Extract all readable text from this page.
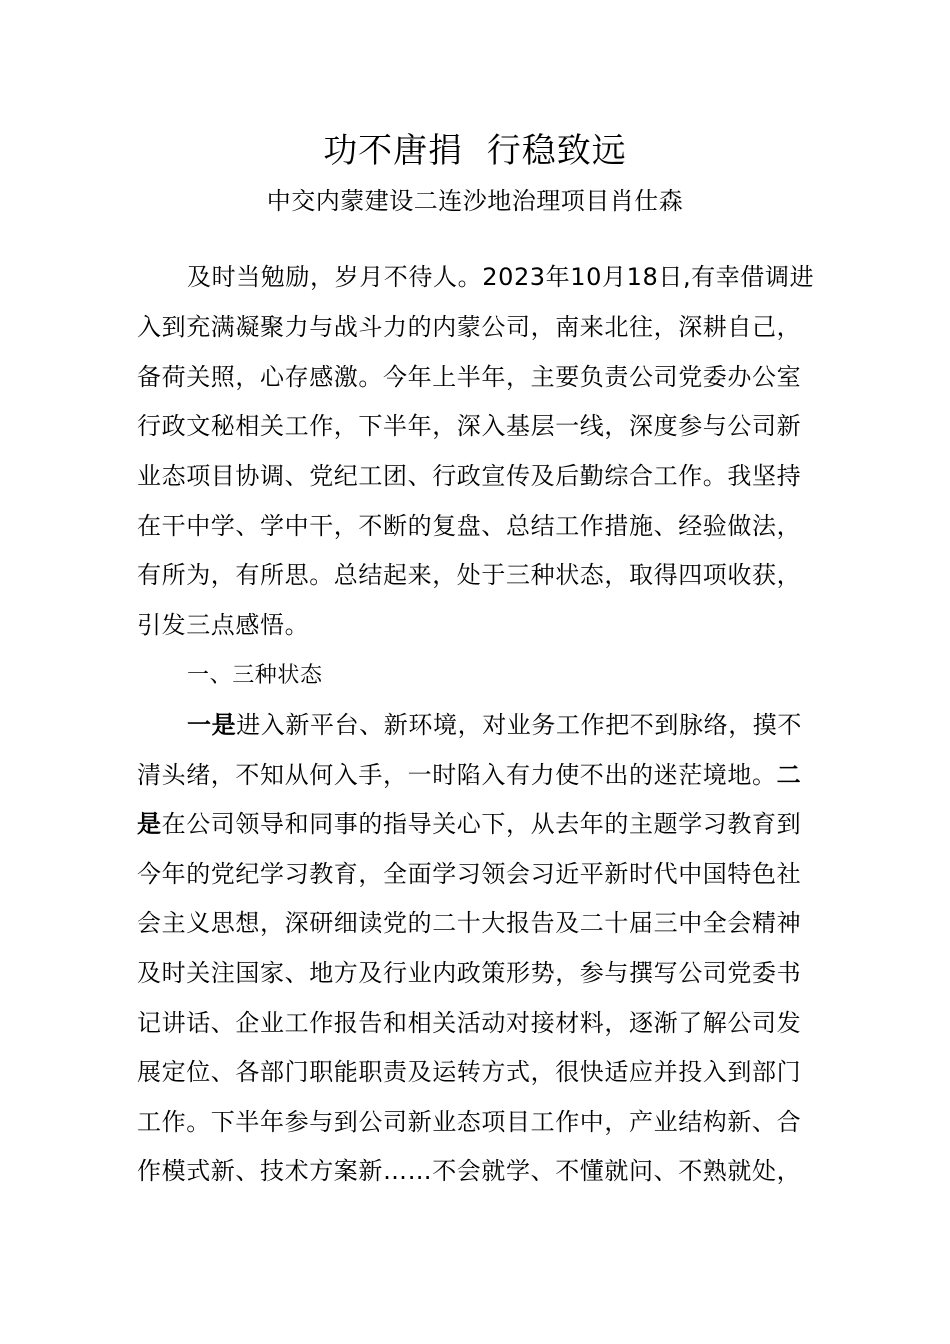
功不唐捐  行稳致远
中交内蒙建设二连沙地治理项目肖仕森
及时当勉励，岁月不待人。2023年10月18日,有幸借调进
入到充满凝聚力与战斗力的内蒙公司，南来北往，深耕自己，
备荷关照，心存感激。今年上半年，主要负责公司党委办公室
行政文秘相关工作，下半年，深入基层一线，深度参与公司新
业态项目协调、党纪工团、行政宣传及后勤综合工作。我坚持
在干中学、学中干，不断的复盘、总结工作措施、经验做法，
有所为，有所思。总结起来，处于三种状态，取得四项收获，
引发三点感悟。
一、三种状态
一是进入新平台、新环境，对业务工作把不到脉络，摸不
清头绪，不知从何入手，一时陷入有力使不出的迷茫境地。二
是在公司领导和同事的指导关心下，从去年的主题学习教育到
今年的党纪学习教育，全面学习领会习近平新时代中国特色社
会主义思想，深研细读党的二十大报告及二十届三中全会精神
及时关注国家、地方及行业内政策形势，参与撰写公司党委书
记讲话、企业工作报告和相关活动对接材料，逐渐了解公司发
展定位、各部门职能职责及运转方式，很快适应并投入到部门
工作。下半年参与到公司新业态项目工作中，产业结构新、合
作模式新、技术方案新……不会就学、不懂就问、不熟就处，
